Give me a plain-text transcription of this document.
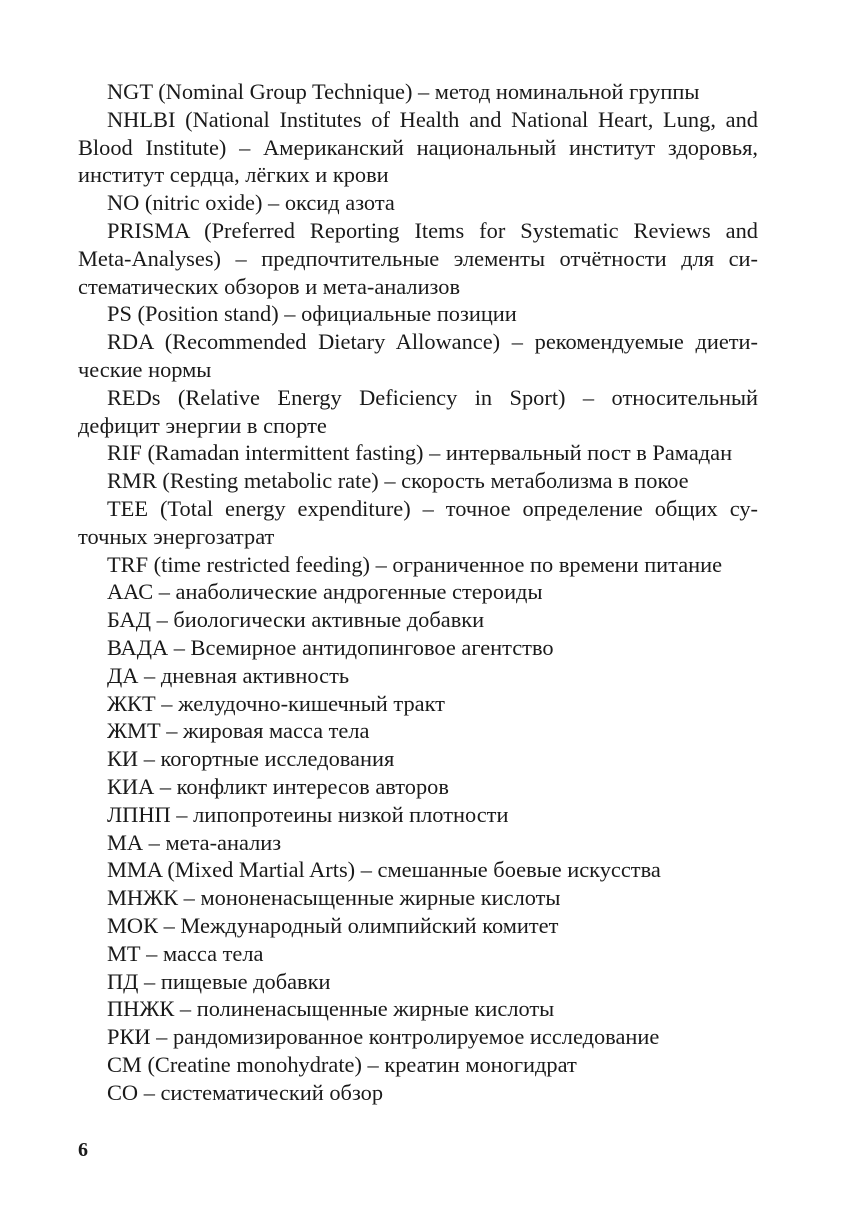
NGT (Nominal Group Technique) – метод номинальной группы

NHLBI (National Institutes of Health and National Heart, Lung, and
Blood Institute) – Американский национальный институт здоровья,
институт сердца, лёгких и крови

NO (nitric oxide) – оксид азота

PRISMA (Preferred Reporting Items for Systematic Reviews and
Meta-Analyses) – предпочтительные элементы отчётности для си-
стематических обзоров и мета-анализов

PS (Position stand) – официальные позиции

RDA (Recommended Dietary Allowance) – рекомендуемые диети-
ческие нормы

REDs (Relative Energy Deficiency in Sport) – относительный
дефицит энергии в спорте

RIF (Ramadan intermittent fasting) – интервальный пост в Рамадан

RMR (Resting metabolic rate) – скорость метаболизма в покое

TEE (Total energy expenditure) – точное определение общих су-
точных энергозатрат

TRF (time restricted feeding) – ограниченное по времени питание

ААС – анаболические андрогенные стероиды

БАД – биологически активные добавки

ВАДА – Всемирное антидопинговое агентство

ДА – дневная активность

ЖКТ – желудочно-кишечный тракт

ЖМТ – жировая масса тела

КИ – когортные исследования

КИА – конфликт интересов авторов

ЛПНП – липопротеины низкой плотности

МА – мета-анализ

MMA (Mixed Martial Arts) – смешанные боевые искусства

МНЖК – мононенасыщенные жирные кислоты

МОК – Международный олимпийский комитет

МТ – масса тела

ПД – пищевые добавки

ПНЖК – полиненасыщенные жирные кислоты

РКИ – рандомизированное контролируемое исследование

CM (Creatine monohydrate) – креатин моногидрат

СО – систематический обзор

6
